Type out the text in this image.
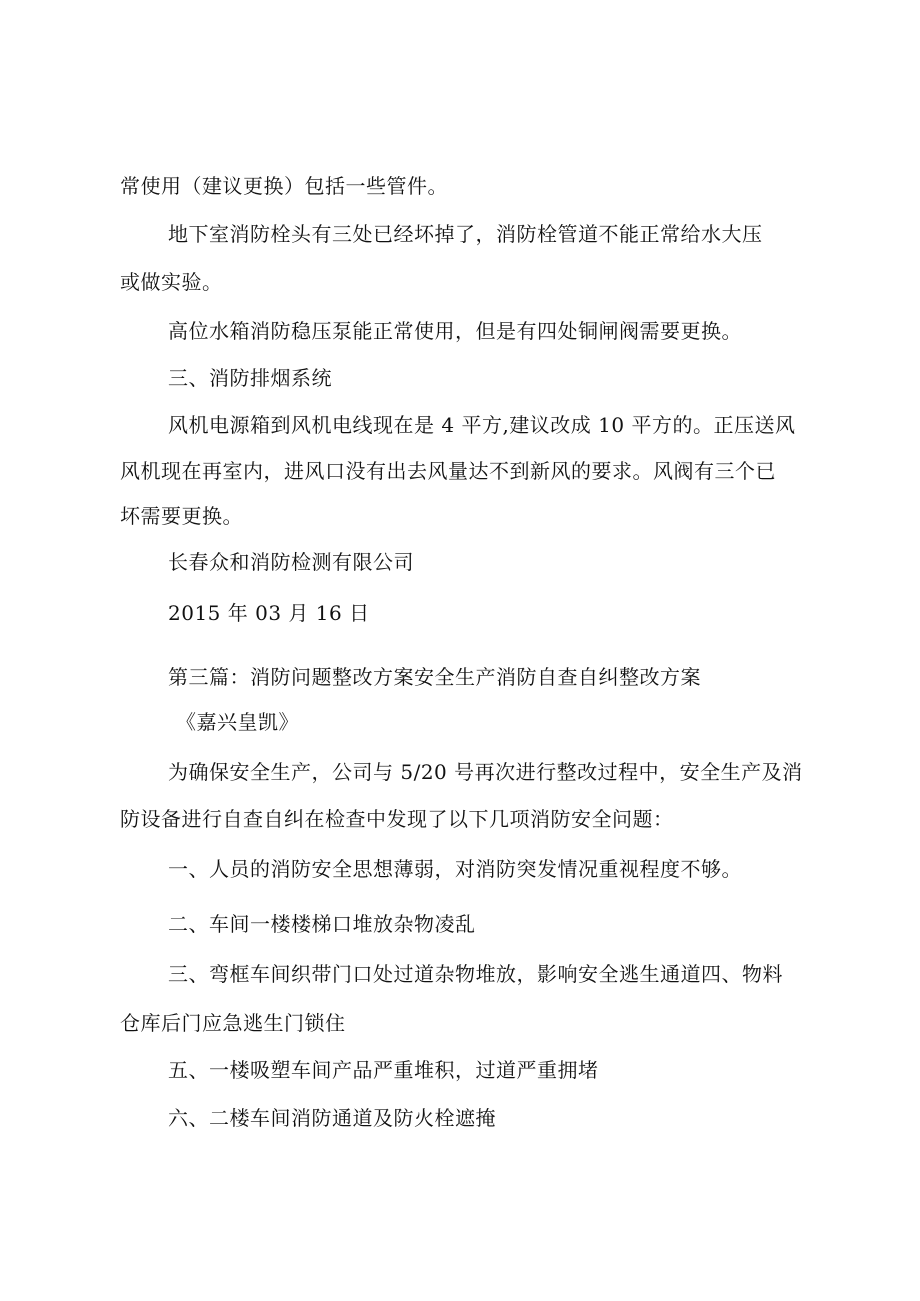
常使用（建议更换）包括一些管件。
地下室消防栓头有三处已经坏掉了，消防栓管道不能正常给水大压
或做实验。
高位水箱消防稳压泵能正常使用，但是有四处铜闸阀需要更换。
三、消防排烟系统
风机电源箱到风机电线现在是 4 平方,建议改成 10 平方的。正压送风
风机现在再室内，进风口没有出去风量达不到新风的要求。风阀有三个已
坏需要更换。
长春众和消防检测有限公司
2015 年 03 月 16 日
第三篇：消防问题整改方案安全生产消防自查自纠整改方案
《嘉兴皇凯》
为确保安全生产，公司与 5/20 号再次进行整改过程中，安全生产及消
防设备进行自查自纠在检查中发现了以下几项消防安全问题：
一、人员的消防安全思想薄弱，对消防突发情况重视程度不够。
二、车间一楼楼梯口堆放杂物凌乱
三、弯框车间织带门口处过道杂物堆放，影响安全逃生通道四、物料
仓库后门应急逃生门锁住
五、一楼吸塑车间产品严重堆积，过道严重拥堵
六、二楼车间消防通道及防火栓遮掩
